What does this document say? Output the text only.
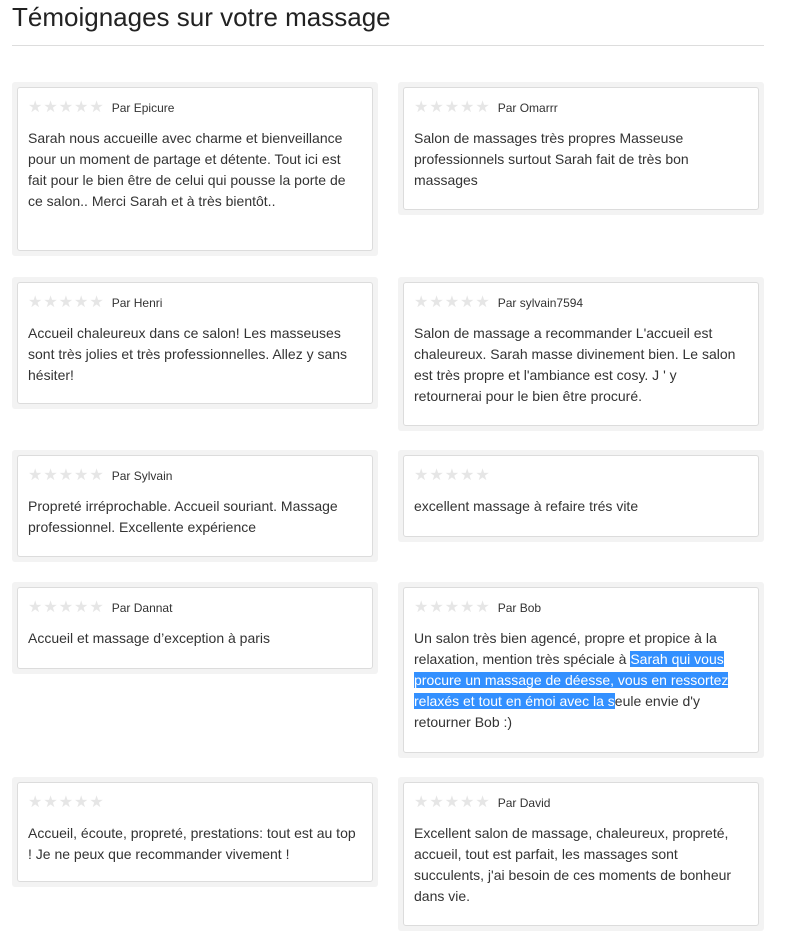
Témoignages sur votre massage
★ ★ ★ ★ ★ Par Epicure
Sarah nous accueille avec charme et bienveillance pour un moment de partage et détente. Tout ici est fait pour le bien être de celui qui pousse la porte de ce salon.. Merci Sarah et à très bientôt..
★ ★ ★ ★ ★ Par Omarrr
Salon de massages très propres Masseuse professionnels surtout Sarah fait de très bon massages
★ ★ ★ ★ ★ Par Henri
Accueil chaleureux dans ce salon! Les masseuses sont très jolies et très professionnelles. Allez y sans hésiter!
★ ★ ★ ★ ★ Par sylvain7594
Salon de massage a recommander L'accueil est chaleureux. Sarah masse divinement bien. Le salon est très propre et l'ambiance est cosy. J ' y retournerai pour le bien être procuré.
★ ★ ★ ★ ★ Par Sylvain
Propreté irréprochable. Accueil souriant. Massage professionnel. Excellente expérience
★ ★ ★ ★ ★
excellent massage à refaire trés vite
★ ★ ★ ★ ★ Par Dannat
Accueil et massage d’exception à paris
★ ★ ★ ★ ★ Par Bob
Un salon très bien agencé, propre et propice à la relaxation, mention très spéciale à Sarah qui vous procure un massage de déesse, vous en ressortez relaxés et tout en émoi avec la seule envie d'y retourner Bob :)
★ ★ ★ ★ ★
Accueil, écoute, propreté, prestations: tout est au top ! Je ne peux que recommander vivement !
★ ★ ★ ★ ★ Par David
Excellent salon de massage, chaleureux, propreté, accueil, tout est parfait, les massages sont succulents, j'ai besoin de ces moments de bonheur dans vie.
